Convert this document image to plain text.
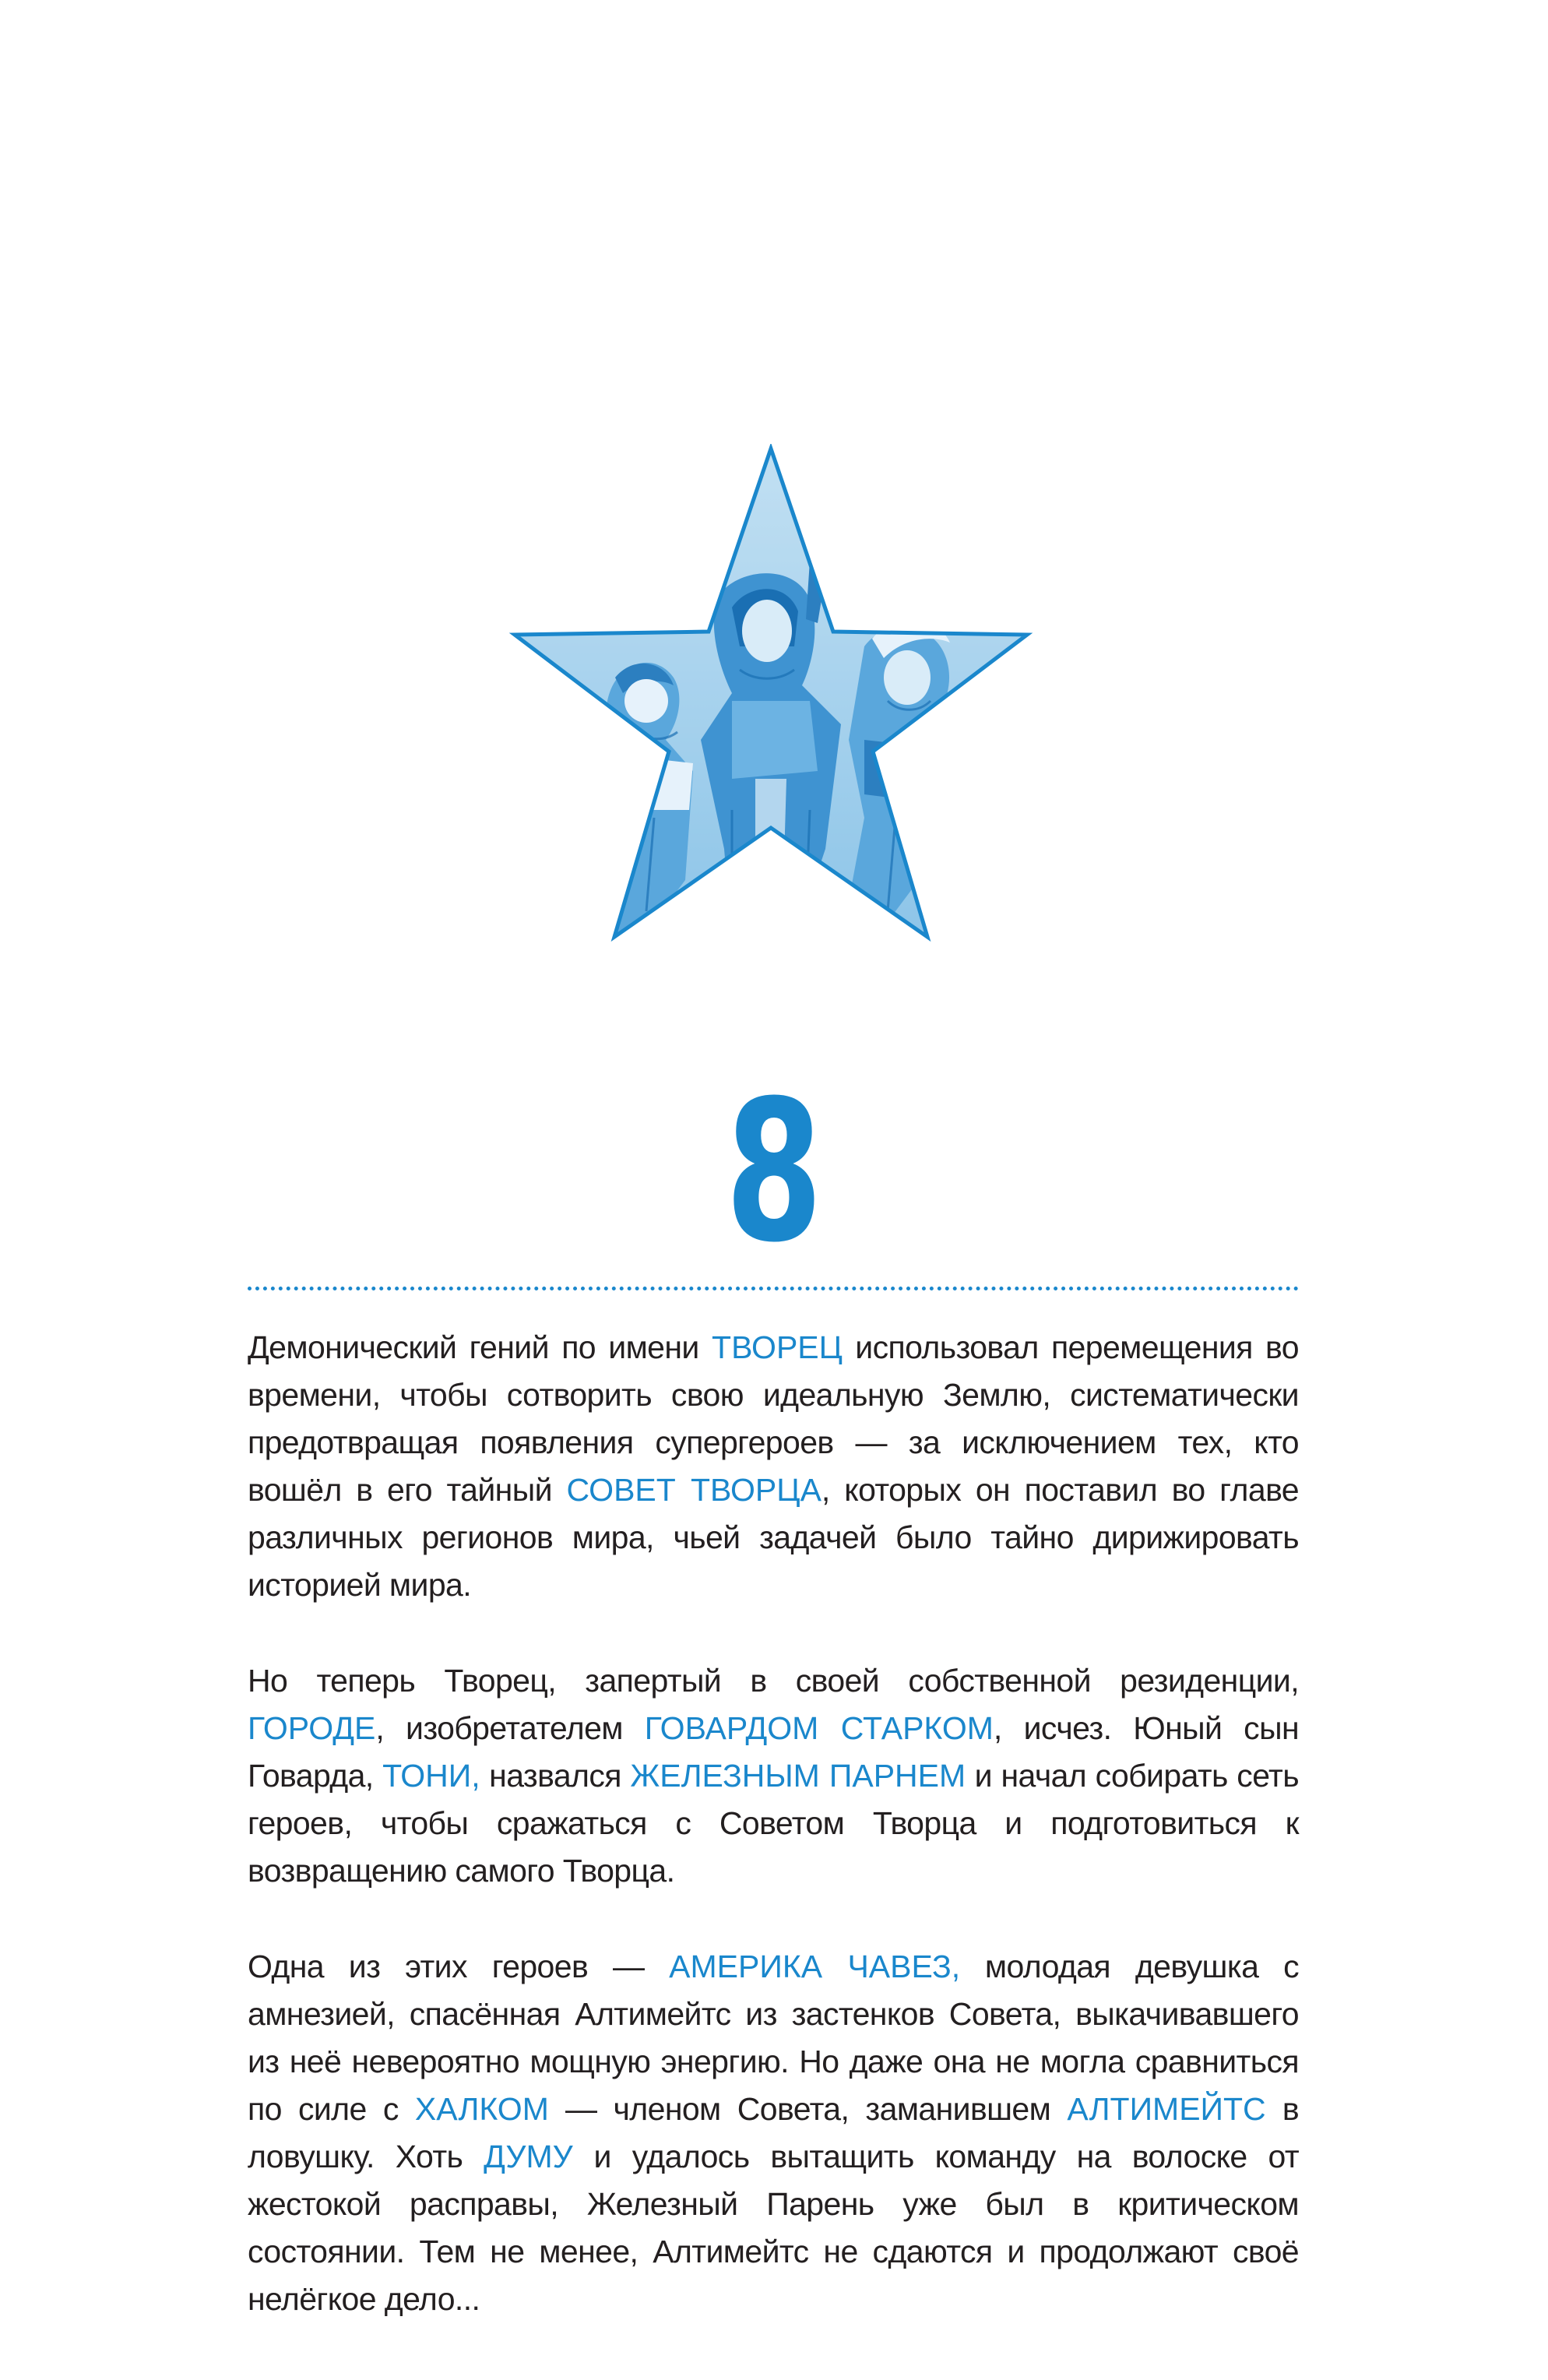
8

Демонический гений по имени ТВОРЕЦ использовал перемещения во времени, чтобы сотворить свою идеальную Землю, систематически предотвращая появления супергероев — за исключением тех, кто вошёл в его тайный СОВЕТ ТВОРЦА, которых он поставил во главе различных регионов мира, чьей задачей было тайно дирижировать историей мира.

Но теперь Творец, запертый в своей собственной резиденции, ГОРОДЕ, изобретателем ГОВАРДОМ СТАРКОМ, исчез. Юный сын Говарда, ТОНИ, назвался ЖЕЛЕЗНЫМ ПАРНЕМ и начал собирать сеть героев, чтобы сражаться с Советом Творца и подготовиться к возвращению самого Творца.

Одна из этих героев — АМЕРИКА ЧАВЕЗ, молодая девушка с амнезией, спасённая Алтимейтс из застенков Совета, выкачивавшего из неё невероятно мощную энергию. Но даже она не могла сравниться по силе с ХАЛКОМ — членом Совета, заманившем АЛТИМЕЙТС в ловушку. Хоть ДУМУ и удалось вытащить команду на волоске от жестокой расправы, Железный Парень уже был в критическом состоянии. Тем не менее, Алтимейтс не сдаются и продолжают своё нелёгкое дело...
